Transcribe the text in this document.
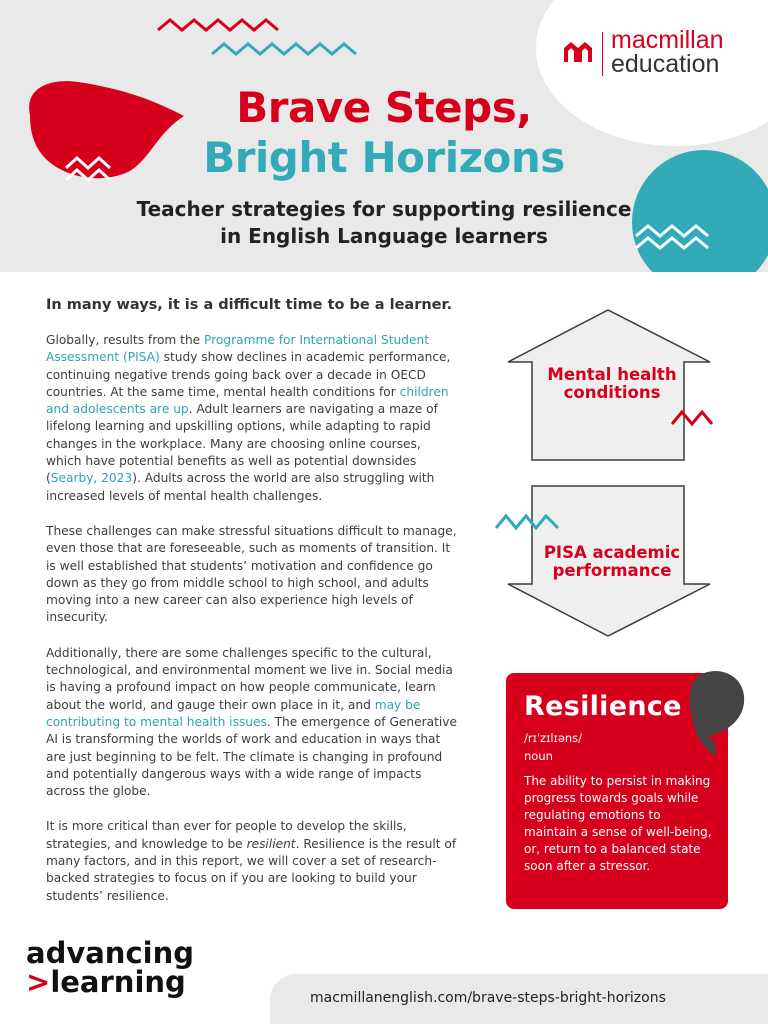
macmillan
education
Brave Steps,
Bright Horizons
Teacher strategies for supporting resilience
in English Language learners

In many ways, it is a difficult time to be a learner.

Globally, results from the Programme for International Student Assessment (PISA) study show declines in academic performance, continuing negative trends going back over a decade in OECD countries. At the same time, mental health conditions for children and adolescents are up. Adult learners are navigating a maze of lifelong learning and upskilling options, while adapting to rapid changes in the workplace. Many are choosing online courses, which have potential benefits as well as potential downsides (Searby, 2023). Adults across the world are also struggling with increased levels of mental health challenges.

These challenges can make stressful situations difficult to manage, even those that are foreseeable, such as moments of transition. It is well established that students’ motivation and confidence go down as they go from middle school to high school, and adults moving into a new career can also experience high levels of insecurity.

Additionally, there are some challenges specific to the cultural, technological, and environmental moment we live in. Social media is having a profound impact on how people communicate, learn about the world, and gauge their own place in it, and may be contributing to mental health issues. The emergence of Generative AI is transforming the worlds of work and education in ways that are just beginning to be felt. The climate is changing in profound and potentially dangerous ways with a wide range of impacts across the globe.

It is more critical than ever for people to develop the skills, strategies, and knowledge to be resilient. Resilience is the result of many factors, and in this report, we will cover a set of research-backed strategies to focus on if you are looking to build your students’ resilience.

Mental health
conditions
PISA academic
performance
Resilience
/rɪˈzɪlɪəns/
noun
The ability to persist in making progress towards goals while regulating emotions to maintain a sense of well-being, or, return to a balanced state soon after a stressor.
advancing
>learning	macmillanenglish.com/brave-steps-bright-horizons
